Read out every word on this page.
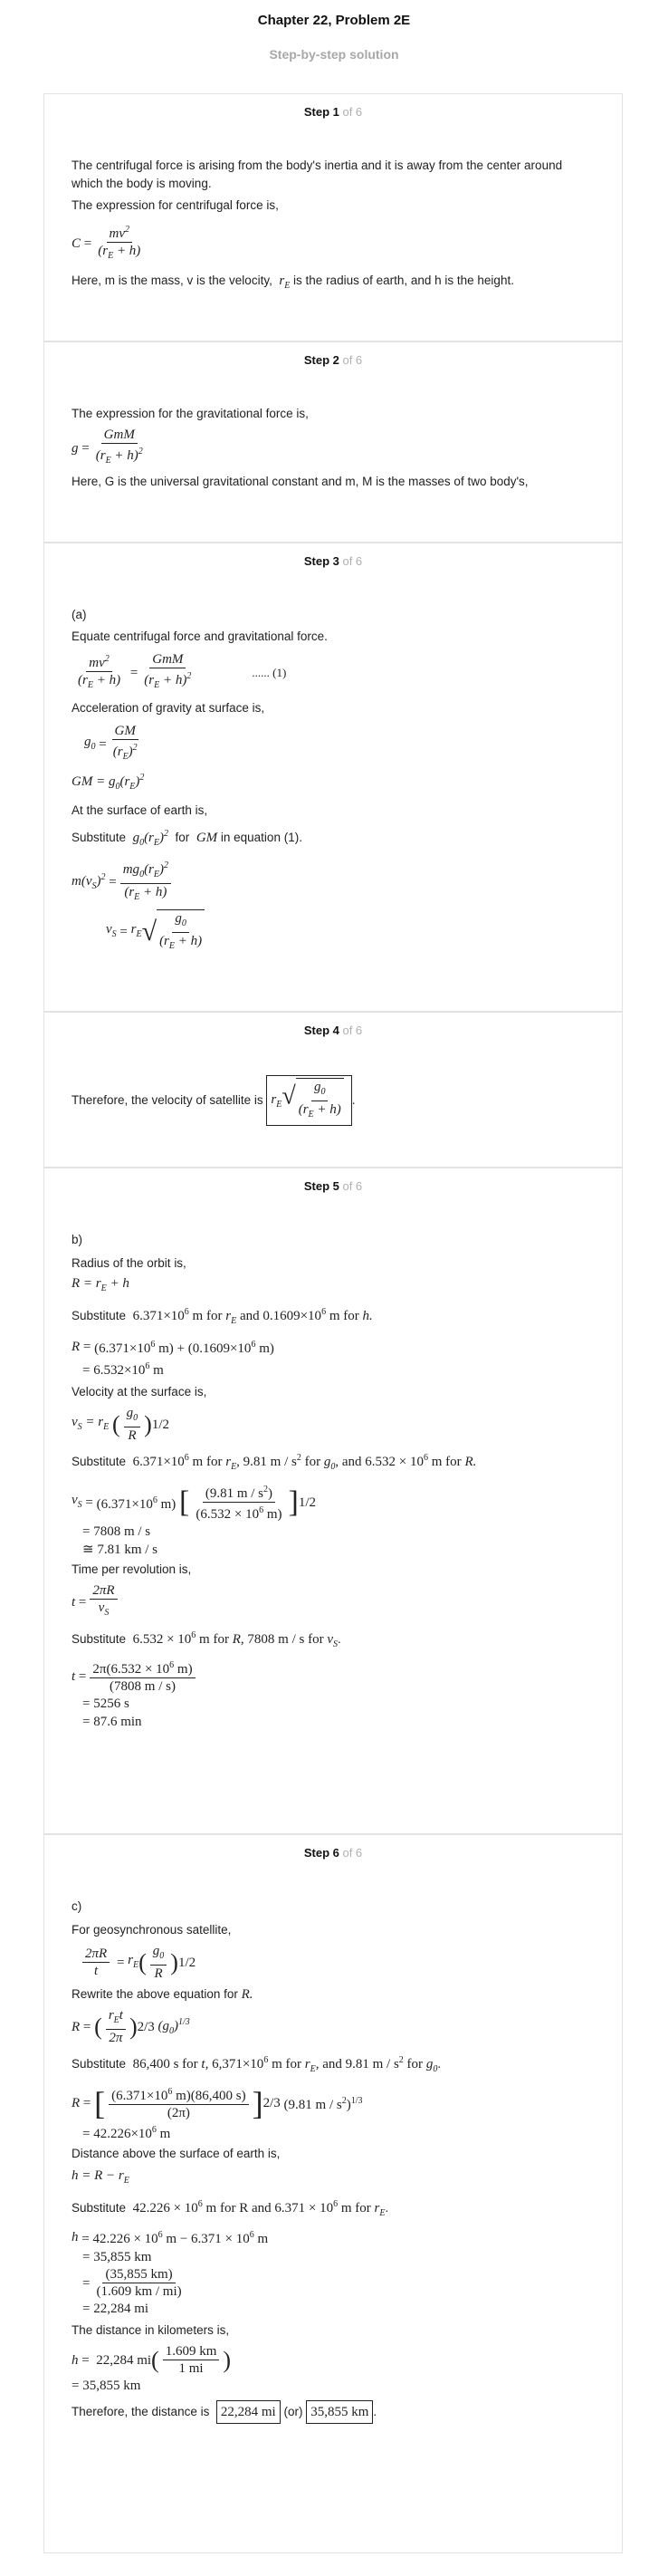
Chapter 22, Problem 2E
Step-by-step solution
Step 1 of 6

The centrifugal force is arising from the body's inertia and it is away from the center around which the body is moving.

The expression for centrifugal force is,

$C = \frac{mv^2}{(r_E + h)}$

Here, m is the mass, v is the velocity,  $r_E$ is the radius of earth, and h is the height.

Step 2 of 6

The expression for the gravitational force is,

$g = \frac{\text{GmM}}{(r_E + h)^2}$

Here, G is the universal gravitational constant and m, M is the masses of two body's,

Step 3 of 6

(a)

Equate centrifugal force and gravitational force.

$\frac{mv^2}{(r_E + h)} = \frac{\text{GmM}}{(r_E + h)^2}$	...... (1)

Acceleration of gravity at surface is,

$g_0 = \frac{GM}{(r_E)^2}$
GM = $g_0(r_E)^2$

At the surface of earth is,

Substitute  $g_0(r_E)^2$ for  GM in equation (1).

$m(v_S)^2 = \frac{mg_0(r_E)^2}{(r_E + h)}$
$v_S = r_E$ √ $\frac{g_0}{(r_E + h)}$
Step 4 of 6
Therefore, the velocity of satellite is
$r_E√ \frac{g_0}{(r_E + h)}$ .
Step 5 of 6

b)

Radius of the orbit is,

$R = r_E + h$

Substitute $6.371\times 10^6$ m for $r_E$ and $0.1609\times 10^6$ m for h.

$R = (6.371\times 10^6$ $m) + (0.1609\times 10^6$ m)
= $6.532\times 10^6$ m

Velocity at the surface is,

$v_S = r_E$
( $\frac{g_0}{R}$ ) 1/2

Substitute $6.371\times 10^6$ m for $r_E$, 9.81 m / $s^2$ for $g_0$, and $6.532 \times 10^6$ m for R.

$v_S = (6.371\times 10^6$ m)
[ $\frac{(9.81 m / s^2)}{(6.532 \times 10^6 m)}$ ] 1/2
= 7808 m / s
≅ 7.81 km / s

Time per revolution is,

$t = \frac{2\pi R}{v_S}$

Substitute $6.532 \times 10^6$ m for R, 7808 m / s for $v_S$.

$t = \frac{2\pi(6.532 \times 10^6 m)}{(7808 m / s)}$
= 5256 s
= 87.6 min
Step 6 of 6

c)

For geosynchronous satellite,

$\frac{2\pi R}{t} = r_E$ ( $\frac{g_0}{R}$ ) 1/2

Rewrite the above equation for R.

R = ( $\frac{r_Et}{2\pi}$ ) 2/3 $(g_0)^{1/3}$

Substitute 86,400 s for t, $6,371\times 10^6$ m for $r_E$, and 9.81 m / $s^2$ for $g_0$.

R = [ $\frac{(6.371\times 10^6 m)(86,400 s)}{(2\pi)}$ ] 2/3 (9.81 m / $s^2)^{1/3}$
= $42.226\times 10^6$ m

Distance above the surface of earth is,

$h = R - r_E$

Substitute $42.226 \times 10^6$ m for R and $6.371 \times 10^6$ m for $r_E$.

h
= $42.226 \times 10^6$ $m - 6.371 \times 10^6$ m
= 35,855 km
= $\frac{(35,855 km)}{(1.609 km / mi)}$
= 22,284 mi

The distance in kilometers is,

h
=  22,284 mi ( $\frac{1.609 km}{1 mi}$ )
= 35,855 km

Therefore, the distance is 22,284 mi (or) 35,855 km .
